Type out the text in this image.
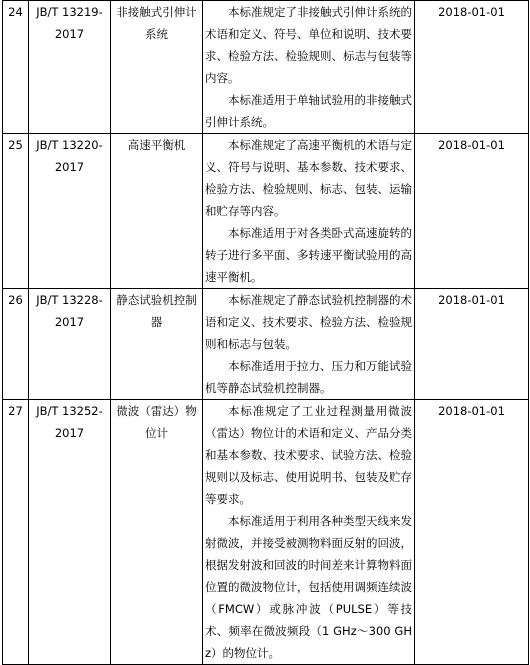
24	JB/T 13219-2017	非接触式引伸计系统	本标准规定了非接触式引伸计系统的术语和定义、符号、单位和说明、技术要求、检验方法、检验规则、标志与包装等内容。

本标准适用于单轴试验用的非接触式引伸计系统。	2018-01-01
25	JB/T 13220-2017	高速平衡机	本标准规定了高速平衡机的术语与定义、符号与说明、基本参数、技术要求、检验方法、检验规则、标志、包装、运输和贮存等内容。

本标准适用于对各类卧式高速旋转的转子进行多平面、多转速平衡试验用的高速平衡机。	2018-01-01
26	JB/T 13228-2017	静态试验机控制器	本标准规定了静态试验机控制器的术语和定义、技术要求、检验方法、检验规则和标志与包装。

本标准适用于拉力、压力和万能试验机等静态试验机控制器。	2018-01-01
27	JB/T 13252-2017	微波（雷达）物位计	本标准规定了工业过程测量用微波（雷达）物位计的术语和定义、产品分类和基本参数、技术要求、试验方法、检验规则以及标志、使用说明书、包装及贮存等要求。

本标准适用于利用各种类型天线来发射微波，并接受被测物料面反射的回波，根据发射波和回波的时间差来计算物料面位置的微波物位计，包括使用调频连续波（FMCW）或脉冲波（PULSE）等技术、频率在微波频段（1 GHz～300 GHz）的物位计。	2018-01-01
